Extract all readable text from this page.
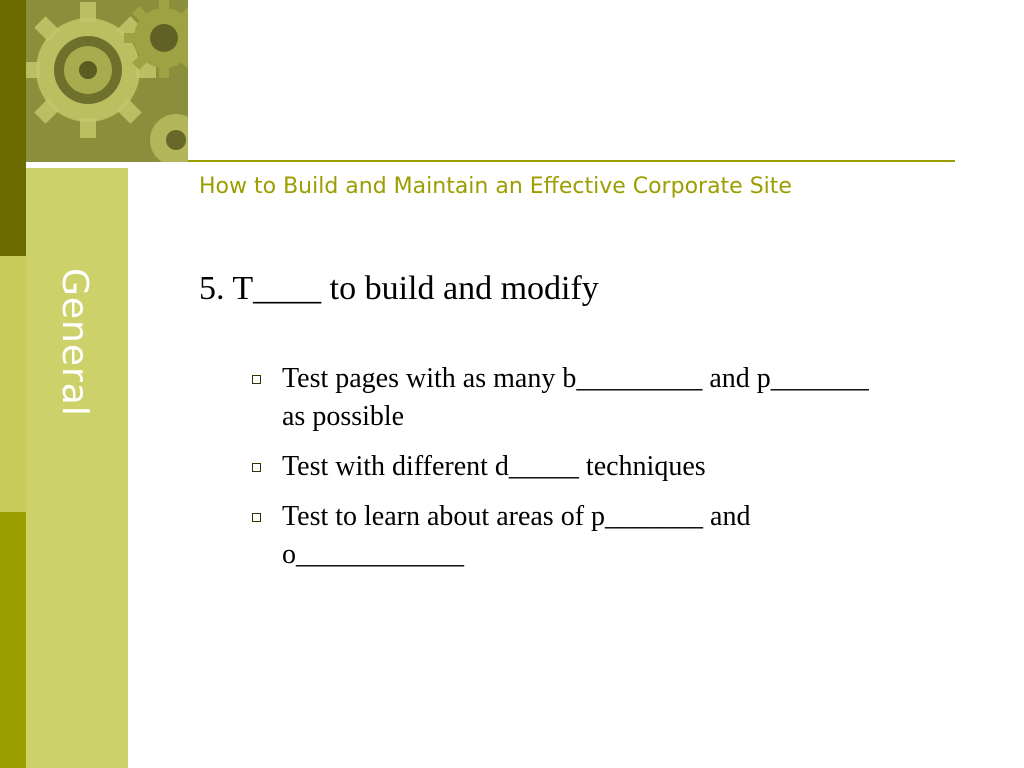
General
How to Build and Maintain an Effective Corporate Site
5. T____ to build and modify
Test pages with as many b_________ and p_______ as possible
Test with different d_____ techniques
Test to learn about areas of p_______ and o____________
